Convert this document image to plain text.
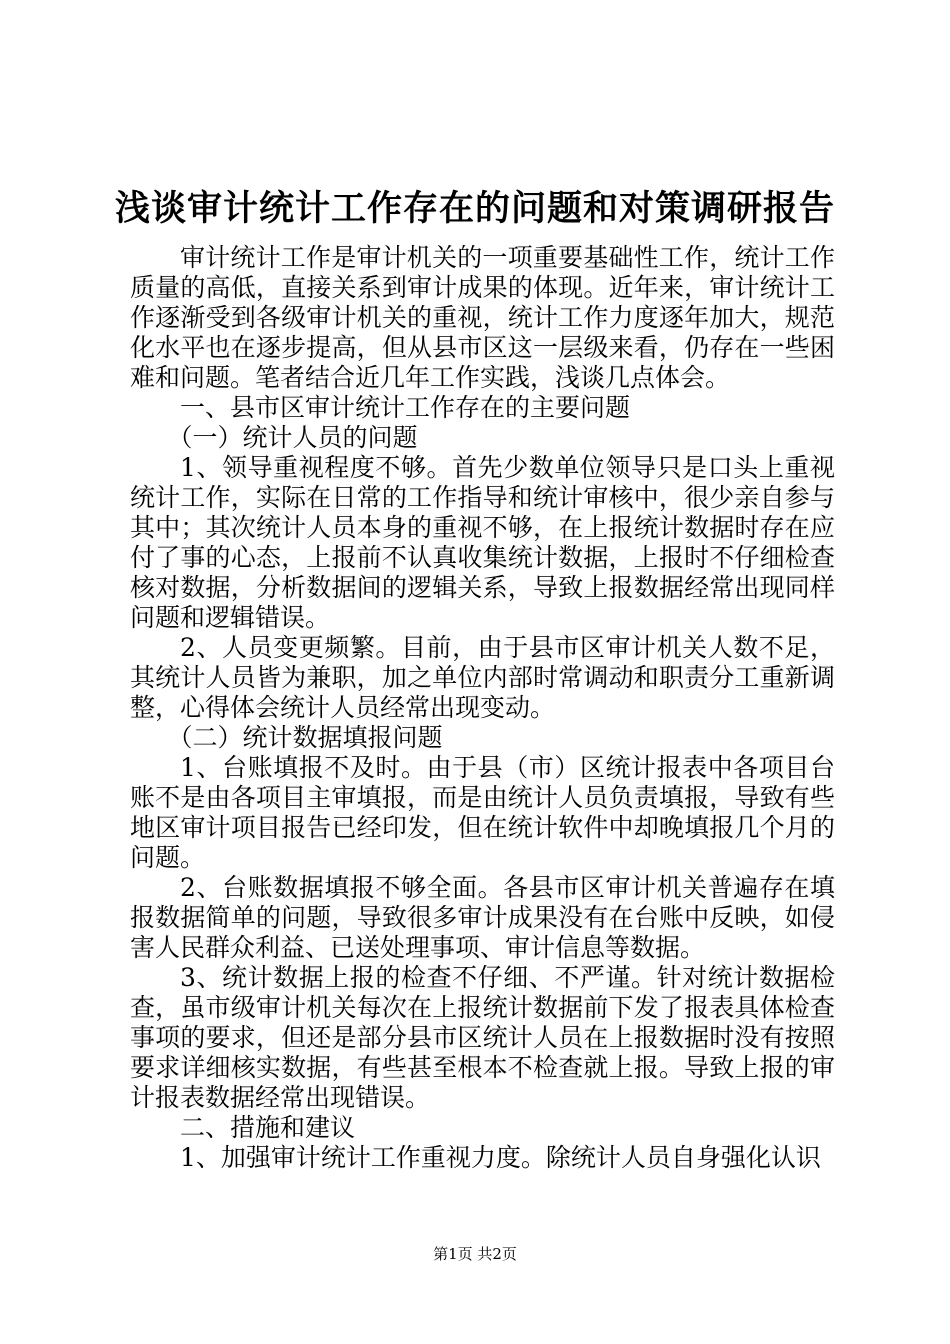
浅谈审计统计工作存在的问题和对策调研报告

审计统计工作是审计机关的一项重要基础性工作，统计工作质量的高低，直接关系到审计成果的体现。近年来，审计统计工作逐渐受到各级审计机关的重视，统计工作力度逐年加大，规范化水平也在逐步提高，但从县市区这一层级来看，仍存在一些困难和问题。笔者结合近几年工作实践，浅谈几点体会。

一、县市区审计统计工作存在的主要问题

（一）统计人员的问题

1、领导重视程度不够。首先少数单位领导只是口头上重视统计工作，实际在日常的工作指导和统计审核中，很少亲自参与其中；其次统计人员本身的重视不够，在上报统计数据时存在应付了事的心态，上报前不认真收集统计数据，上报时不仔细检查核对数据，分析数据间的逻辑关系，导致上报数据经常出现同样问题和逻辑错误。

2、人员变更频繁。目前，由于县市区审计机关人数不足，其统计人员皆为兼职，加之单位内部时常调动和职责分工重新调整，心得体会统计人员经常出现变动。

（二）统计数据填报问题

1、台账填报不及时。由于县（市）区统计报表中各项目台账不是由各项目主审填报，而是由统计人员负责填报，导致有些地区审计项目报告已经印发，但在统计软件中却晚填报几个月的问题。

2、台账数据填报不够全面。各县市区审计机关普遍存在填报数据简单的问题，导致很多审计成果没有在台账中反映，如侵害人民群众利益、已送处理事项、审计信息等数据。

3、统计数据上报的检查不仔细、不严谨。针对统计数据检查，虽市级审计机关每次在上报统计数据前下发了报表具体检查事项的要求，但还是部分县市区统计人员在上报数据时没有按照要求详细核实数据，有些甚至根本不检查就上报。导致上报的审计报表数据经常出现错误。

二、措施和建议

1、加强审计统计工作重视力度。除统计人员自身强化认识

第1页 共2页
